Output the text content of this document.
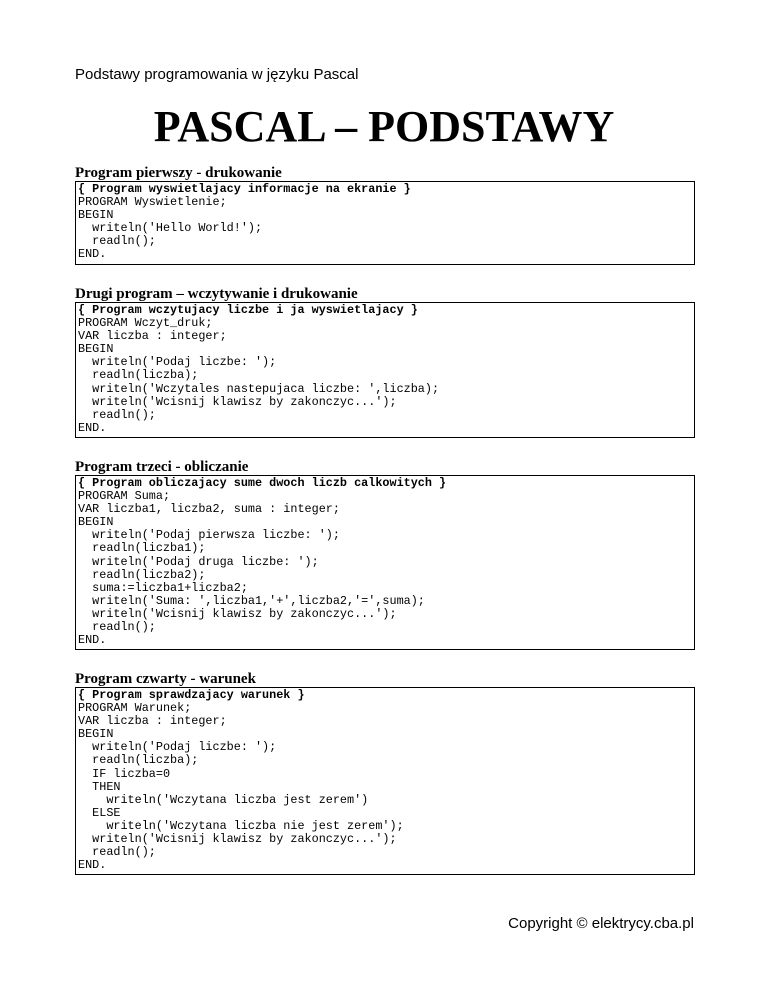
Podstawy programowania w języku Pascal
PASCAL – PODSTAWY
Program pierwszy - drukowanie
{ Program wyswietlajacy informacje na ekranie }
PROGRAM Wyswietlenie;
BEGIN
writeln('Hello World!');
readln();
END.
Drugi program – wczytywanie i drukowanie
{ Program wczytujacy liczbe i ja wyswietlajacy }
PROGRAM Wczyt_druk;
VAR liczba : integer;
BEGIN
writeln('Podaj liczbe: ');
readln(liczba);
writeln('Wczytales nastepujaca liczbe: ',liczba);
writeln('Wcisnij klawisz by zakonczyc...');
readln();
END.
Program trzeci - obliczanie
{ Program obliczajacy sume dwoch liczb calkowitych }
PROGRAM Suma;
VAR liczba1, liczba2, suma : integer;
BEGIN
writeln('Podaj pierwsza liczbe: ');
readln(liczba1);
writeln('Podaj druga liczbe: ');
readln(liczba2);
suma:=liczba1+liczba2;
writeln('Suma: ',liczba1,'+',liczba2,'=',suma);
writeln('Wcisnij klawisz by zakonczyc...');
readln();
END.
Program czwarty - warunek
{ Program sprawdzajacy warunek }
PROGRAM Warunek;
VAR liczba : integer;
BEGIN
writeln('Podaj liczbe: ');
readln(liczba);
IF liczba=0
THEN
writeln('Wczytana liczba jest zerem')
ELSE
writeln('Wczytana liczba nie jest zerem');
writeln('Wcisnij klawisz by zakonczyc...');
readln();
END.
Copyright © elektrycy.cba.pl
